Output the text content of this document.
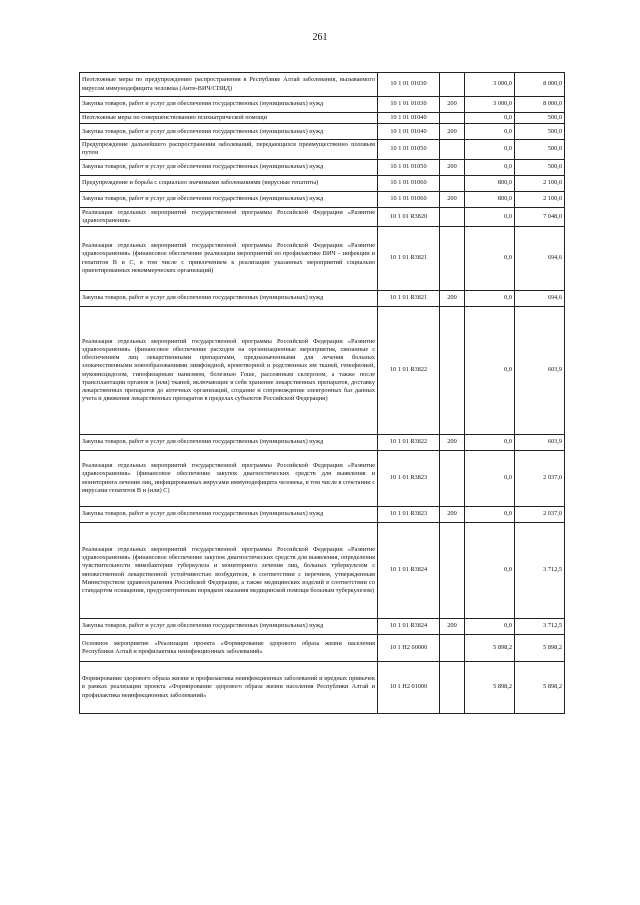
261
Неотложные меры по предупреждению распространения в Республике Алтай заболевания, вызываемого вирусом иммунодефицита человека (Анти-ВИЧ/СПИД)	10 1 01 01030		3 000,0	8 000,0
Закупка товаров, работ и услуг для обеспечения государственных (муниципальных) нужд	10 1 01 01030	200	3 000,0	8 000,0
Неотложные меры по совершенствованию психиатрической помощи	10 1 01 01040		0,0	500,0
Закупка товаров, работ и услуг для обеспечения государственных (муниципальных) нужд	10 1 01 01040	200	0,0	500,0
Предупреждение дальнейшего распространения заболеваний, передающихся преимущественно половым путем	10 1 01 01050		0,0	500,0
Закупка товаров, работ и услуг для обеспечения государственных (муниципальных) нужд	10 1 01 01050	200	0,0	500,0
Предупреждение и борьба с социально значимыми заболеваниями (вирусные гепатиты)	10 1 01 01060		800,0	2 100,0
Закупка товаров, работ и услуг для обеспечения государственных (муниципальных) нужд	10 1 01 01060	200	800,0	2 100,0
Реализация отдельных мероприятий государственной программы Российской Федерации «Развитие здравоохранения»	10 1 01 R3820		0,0	7 048,0
Реализация отдельных мероприятий государственной программы Российской Федерации «Развитие здравоохранения» (финансовое обеспечение реализации мероприятий по профилактике ВИЧ – инфекции и гепатитов В и С, в том числе с привлечением к реализации указанных мероприятий социально ориентированных некоммерческих организаций)	10 1 01 R3821		0,0	694,6
Закупка товаров, работ и услуг для обеспечения государственных (муниципальных) нужд	10 1 01 R3821	200	0,0	694,6
Реализация отдельных мероприятий государственной программы Российской Федерации «Развитие здравоохранения» (финансовое обеспечение расходов на организационные мероприятия, связанные с обеспечением лиц лекарственными препаратами, предназначенными для лечения больных злокачественными новообразованиями лимфоидной, кроветворной и родственных им тканей, гемофилией, муковисцидозом, гипофизарным нанизмом, болезнью Гоше, рассеянным склерозом, а также после трансплантации органов и (или) тканей, включающие в себя хранение лекарственных препаратов, доставку лекарственных препаратов до аптечных организаций, создание и сопровождение электронных баз данных учета и движения лекарственных препаратов в пределах субъектов Российской Федерации)	10 1 01 R3822		0,0	603,9
Закупка товаров, работ и услуг для обеспечения государственных (муниципальных) нужд	10 1 01 R3822	200	0,0	603,9
Реализация отдельных мероприятий государственной программы Российской Федерации «Развитие здравоохранения» (финансовое обеспечение закупок диагностических средств для выявления и мониторинга лечения лиц, инфицированных вирусами иммунодефицита человека, в том числе в сочетании с вирусами гепатитов В и (или) С)	10 1 01 R3823		0,0	2 037,0
Закупка товаров, работ и услуг для обеспечения государственных (муниципальных) нужд	10 1 01 R3823	200	0,0	2 037,0
Реализация отдельных мероприятий государственной программы Российской Федерации «Развитие здравоохранения» (финансовое обеспечение закупок диагностических средств для выявления, определения чувствительности микобактерии туберкулеза и мониторинга лечения лиц, больных туберкулезом с множественной лекарственной устойчивостью возбудителя, в соответствии с перечнем, утвержденным Министерством здравоохранения Российской Федерации, а также медицинских изделий в соответствии со стандартом оснащения, предусмотренным порядком оказания медицинской помощи больным туберкулезом)	10 1 01 R3824		0,0	3 712,5
Закупка товаров, работ и услуг для обеспечения государственных (муниципальных) нужд	10 1 01 R3824	200	0,0	3 712,5
Основное мероприятие «Реализация проекта «Формирование здорового образа жизни населения Республики Алтай и профилактика неинфекционных заболеваний»	10 1 Н2 00000		5 898,2	5 898,2
Формирование здорового образа жизни и профилактика неинфекционных заболеваний и вредных привычек в рамках реализации проекта «Формирование здорового образа жизни населения Республики Алтай и профилактика неинфекционных заболеваний»	10 1 Н2 01000		5 898,2	5 898,2
